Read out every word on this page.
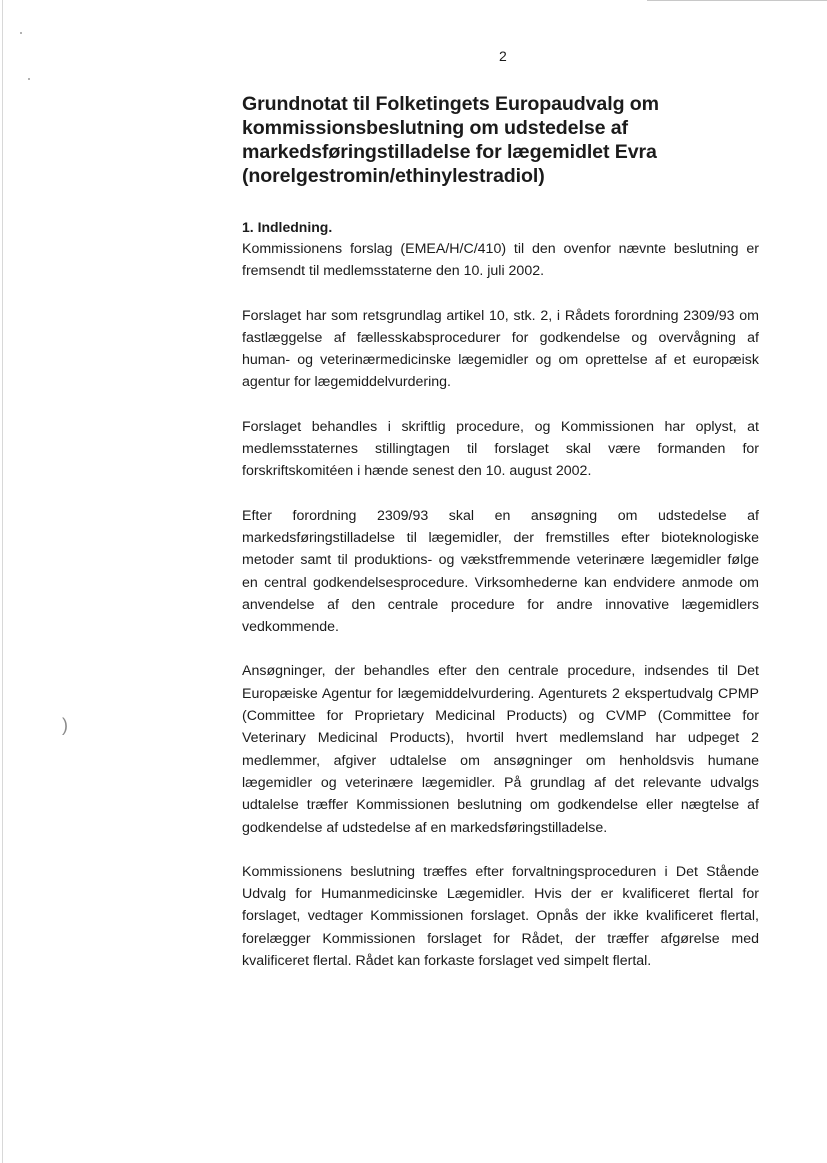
)
2
Grundnotat til Folketingets Europaudvalg om kommissionsbeslutning om udstedelse af markedsføringstilladelse for lægemidlet Evra (norelgestromin/ethinylestradiol)
1. Indledning.

Kommissionens forslag (EMEA/H/C/410) til den ovenfor nævnte beslutning er fremsendt til medlemsstaterne den 10. juli 2002.

Forslaget har som retsgrundlag artikel 10, stk. 2, i Rådets forordning 2309/93 om fastlæggelse af fællesskabsprocedurer for godkendelse og overvågning af human- og veterinærmedicinske lægemidler og om oprettelse af et europæisk agentur for lægemiddelvurdering.

Forslaget behandles i skriftlig procedure, og Kommissionen har oplyst, at medlemsstaternes stillingtagen til forslaget skal være formanden for forskriftskomitéen i hænde senest den 10. august 2002.

Efter forordning 2309/93 skal en ansøgning om udstedelse af markedsføringstilladelse til lægemidler, der fremstilles efter bioteknologiske metoder samt til produktions- og vækstfremmende veterinære lægemidler følge en central godkendelsesprocedure. Virksomhederne kan endvidere anmode om anvendelse af den centrale procedure for andre innovative lægemidlers vedkommende.

Ansøgninger, der behandles efter den centrale procedure, indsendes til Det Europæiske Agentur for lægemiddelvurdering. Agenturets 2 ekspertudvalg CPMP (Committee for Proprietary Medicinal Products) og CVMP (Committee for Veterinary Medicinal Products), hvortil hvert medlemsland har udpeget 2 medlemmer, afgiver udtalelse om ansøgninger om henholdsvis humane lægemidler og veterinære lægemidler. På grundlag af det relevante udvalgs udtalelse træffer Kommissionen beslutning om godkendelse eller nægtelse af godkendelse af udstedelse af en markedsføringstilladelse.

Kommissionens beslutning træffes efter forvaltningsproceduren i Det Stående Udvalg for Humanmedicinske Lægemidler. Hvis der er kvalificeret flertal for forslaget, vedtager Kommissionen forslaget. Opnås der ikke kvalificeret flertal, forelægger Kommissionen forslaget for Rådet, der træffer afgørelse med kvalificeret flertal. Rådet kan forkaste forslaget ved simpelt flertal.
